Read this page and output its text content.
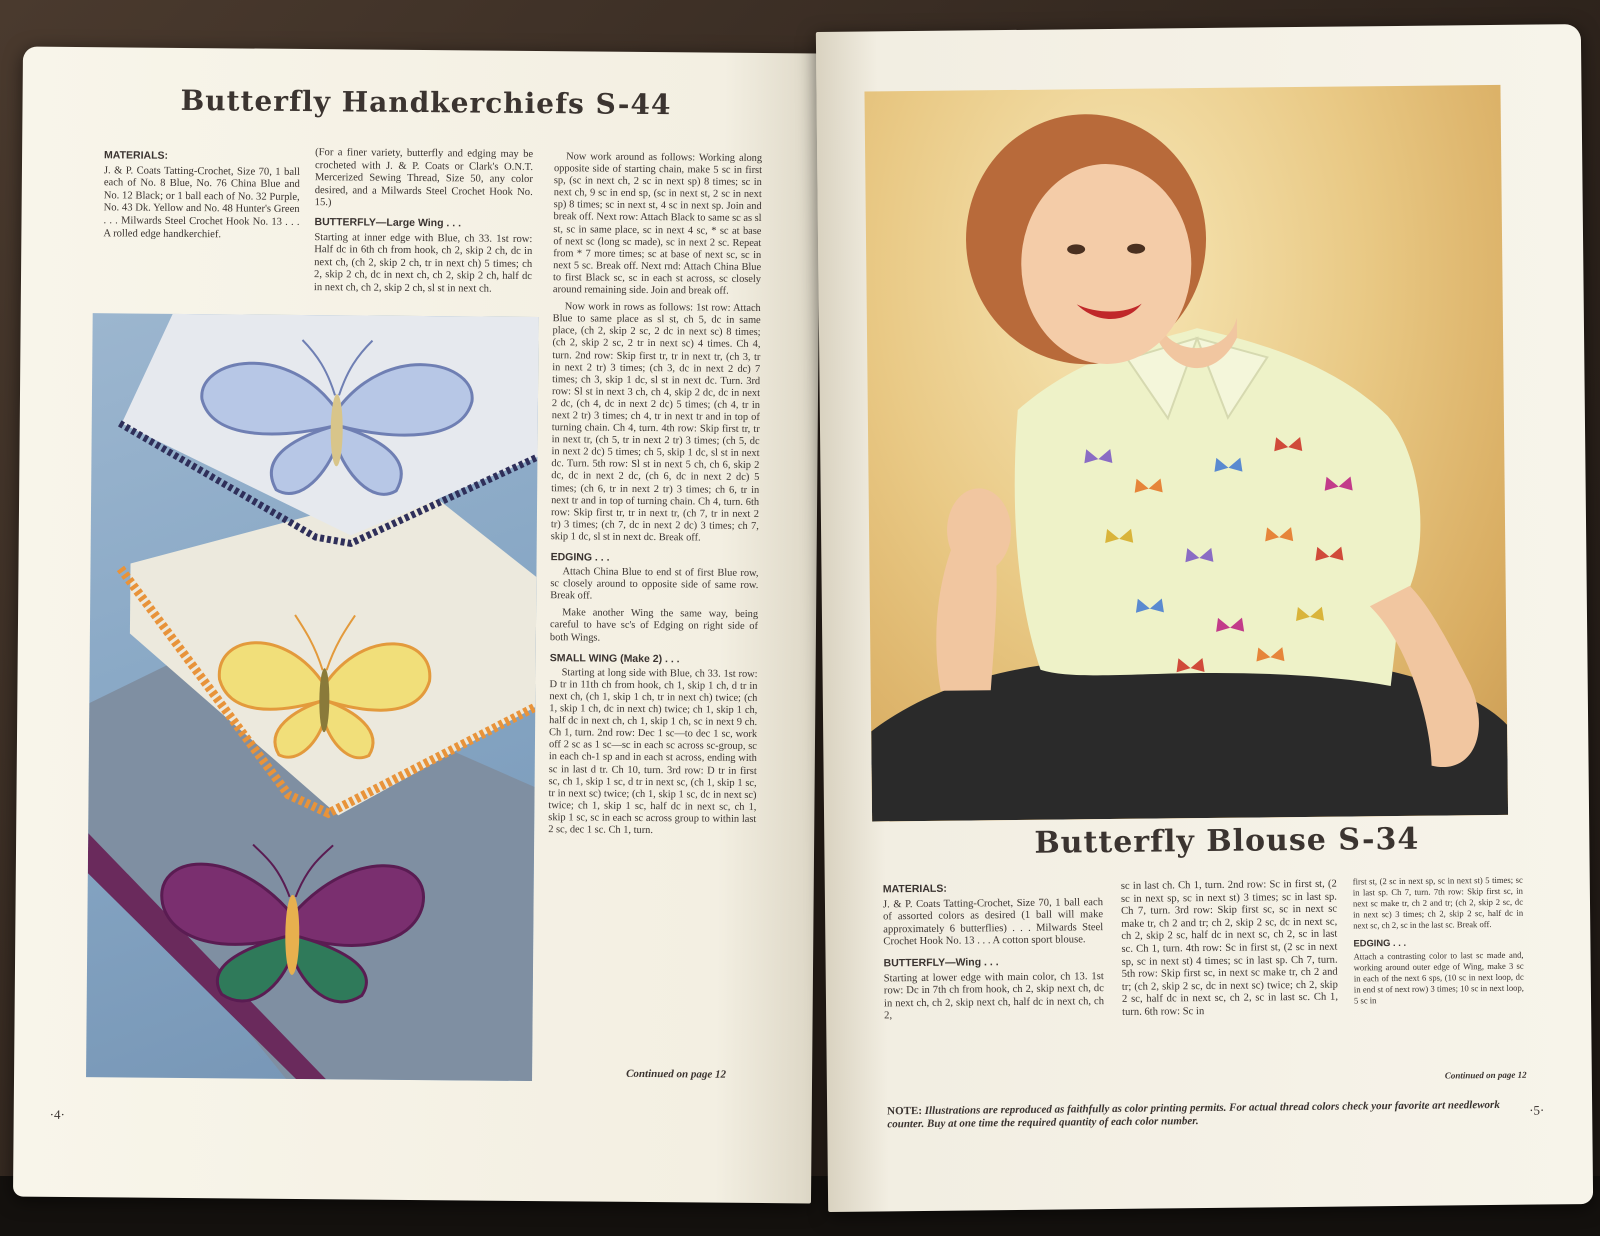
Butterfly Handkerchiefs S-44

MATERIALS:

J. & P. Coats Tatting-Crochet, Size 70, 1 ball each of No. 8 Blue, No. 76 China Blue and No. 12 Black; or 1 ball each of No. 32 Purple, No. 43 Dk. Yellow and No. 48 Hunter's Green . . . Milwards Steel Crochet Hook No. 13 . . . A rolled edge handkerchief.

(For a finer variety, butterfly and edging may be crocheted with J. & P. Coats or Clark's O.N.T. Mercerized Sewing Thread, Size 50, any color desired, and a Milwards Steel Crochet Hook No. 15.)

BUTTERFLY—Large Wing . . .

Starting at inner edge with Blue, ch 33. 1st row: Half dc in 6th ch from hook, ch 2, skip 2 ch, dc in next ch, (ch 2, skip 2 ch, tr in next ch) 5 times; ch 2, skip 2 ch, dc in next ch, ch 2, skip 2 ch, half dc in next ch, ch 2, skip 2 ch, sl st in next ch.

Now work around as follows: Working along opposite side of starting chain, make 5 sc in first sp, (sc in next ch, 2 sc in next sp) 8 times; sc in next ch, 9 sc in end sp, (sc in next st, 2 sc in next sp) 8 times; sc in next st, 4 sc in next sp. Join and break off. Next row: Attach Black to same sc as sl st, sc in same place, sc in next 4 sc, * sc at base of next sc (long sc made), sc in next 2 sc. Repeat from * 7 more times; sc at base of next sc, sc in next 5 sc. Break off. Next rnd: Attach China Blue to first Black sc, sc in each st across, sc closely around remaining side. Join and break off.

Now work in rows as follows: 1st row: Attach Blue to same place as sl st, ch 5, dc in same place, (ch 2, skip 2 sc, 2 dc in next sc) 8 times; (ch 2, skip 2 sc, 2 tr in next sc) 4 times. Ch 4, turn. 2nd row: Skip first tr, tr in next tr, (ch 3, tr in next 2 tr) 3 times; (ch 3, dc in next 2 dc) 7 times; ch 3, skip 1 dc, sl st in next dc. Turn. 3rd row: Sl st in next 3 ch, ch 4, skip 2 dc, dc in next 2 dc, (ch 4, dc in next 2 dc) 5 times; (ch 4, tr in next 2 tr) 3 times; ch 4, tr in next tr and in top of turning chain. Ch 4, turn. 4th row: Skip first tr, tr in next tr, (ch 5, tr in next 2 tr) 3 times; (ch 5, dc in next 2 dc) 5 times; ch 5, skip 1 dc, sl st in next dc. Turn. 5th row: Sl st in next 5 ch, ch 6, skip 2 dc, dc in next 2 dc, (ch 6, dc in next 2 dc) 5 times; (ch 6, tr in next 2 tr) 3 times; ch 6, tr in next tr and in top of turning chain. Ch 4, turn. 6th row: Skip first tr, tr in next tr, (ch 7, tr in next 2 tr) 3 times; (ch 7, dc in next 2 dc) 3 times; ch 7, skip 1 dc, sl st in next dc. Break off.

EDGING . . .

Attach China Blue to end st of first Blue row, sc closely around to opposite side of same row. Break off.

Make another Wing the same way, being careful to have sc's of Edging on right side of both Wings.

SMALL WING (Make 2) . . .

Starting at long side with Blue, ch 33. 1st row: D tr in 11th ch from hook, ch 1, skip 1 ch, d tr in next ch, (ch 1, skip 1 ch, tr in next ch) twice; (ch 1, skip 1 ch, dc in next ch) twice; ch 1, skip 1 ch, half dc in next ch, ch 1, skip 1 ch, sc in next 9 ch. Ch 1, turn. 2nd row: Dec 1 sc—to dec 1 sc, work off 2 sc as 1 sc—sc in each sc across sc-group, sc in each ch-1 sp and in each st across, ending with sc in last d tr. Ch 10, turn. 3rd row: D tr in first sc, ch 1, skip 1 sc, d tr in next sc, (ch 1, skip 1 sc, tr in next sc) twice; (ch 1, skip 1 sc, dc in next sc) twice; ch 1, skip 1 sc, half dc in next sc, ch 1, skip 1 sc, sc in each sc across group to within last 2 sc, dec 1 sc. Ch 1, turn.

Continued on page 12
·4·
Butterfly Blouse S-34

MATERIALS:

J. & P. Coats Tatting-Crochet, Size 70, 1 ball each of assorted colors as desired (1 ball will make approximately 6 butterflies) . . . Milwards Steel Crochet Hook No. 13 . . . A cotton sport blouse.

BUTTERFLY—Wing . . .

Starting at lower edge with main color, ch 13. 1st row: Dc in 7th ch from hook, ch 2, skip next ch, dc in next ch, ch 2, skip next ch, half dc in next ch, ch 2,

sc in last ch. Ch 1, turn. 2nd row: Sc in first st, (2 sc in next sp, sc in next st) 3 times; sc in last sp. Ch 7, turn. 3rd row: Skip first sc, sc in next sc make tr, ch 2 and tr; ch 2, skip 2 sc, dc in next sc, ch 2, skip 2 sc, half dc in next sc, ch 2, sc in last sc. Ch 1, turn. 4th row: Sc in first st, (2 sc in next sp, sc in next st) 4 times; sc in last sp. Ch 7, turn. 5th row: Skip first sc, in next sc make tr, ch 2 and tr; (ch 2, skip 2 sc, dc in next sc) twice; ch 2, skip 2 sc, half dc in next sc, ch 2, sc in last sc. Ch 1, turn. 6th row: Sc in

first st, (2 sc in next sp, sc in next st) 5 times; sc in last sp. Ch 7, turn. 7th row: Skip first sc, in next sc make tr, ch 2 and tr; (ch 2, skip 2 sc, dc in next sc) 3 times; ch 2, skip 2 sc, half dc in next sc, ch 2, sc in the last sc. Break off.

EDGING . . .

Attach a contrasting color to last sc made and, working around outer edge of Wing, make 3 sc in each of the next 6 sps, (10 sc in next loop, dc in end st of next row) 3 times; 10 sc in next loop, 5 sc in

Continued on page 12
NOTE: Illustrations are reproduced as faithfully as color printing permits. For actual thread colors check your favorite art needlework counter. Buy at one time the required quantity of each color number.
·5·
